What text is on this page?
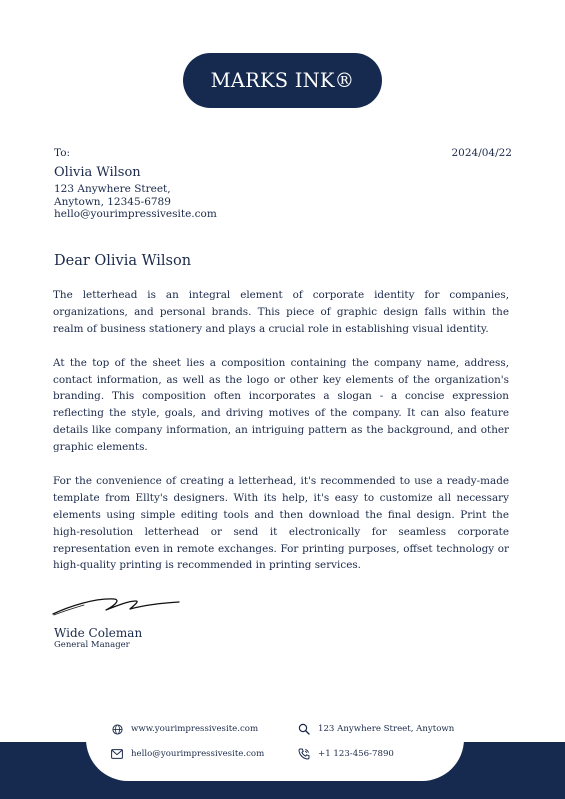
MARKS INK®
To:	2024/04/22
Olivia Wilson
123 Anywhere Street,
Anytown, 12345-6789
hello@yourimpressivesite.com
Dear Olivia Wilson

The letterhead is an integral element of corporate identity for companies, organizations, and personal brands. This piece of graphic design falls within the realm of business stationery and plays a crucial role in establishing visual identity.

At the top of the sheet lies a composition containing the company name, address, contact information, as well as the logo or other key elements of the organization's branding. This composition often incorporates a slogan - a concise expression reflecting the style, goals, and driving motives of the company. It can also feature details like company information, an intriguing pattern as the background, and other graphic elements.

For the convenience of creating a letterhead, it's recommended to use a ready-made template from Ellty's designers. With its help, it's easy to customize all necessary elements using simple editing tools and then download the final design. Print the high-resolution letterhead or send it electronically for seamless corporate representation even in remote exchanges. For printing purposes, offset technology or high-quality printing is recommended in printing services.

Wide Coleman
General Manager
www.yourimpressivesite.com	123 Anywhere Street, Anytown
hello@yourimpressivesite.com	+1 123-456-7890
